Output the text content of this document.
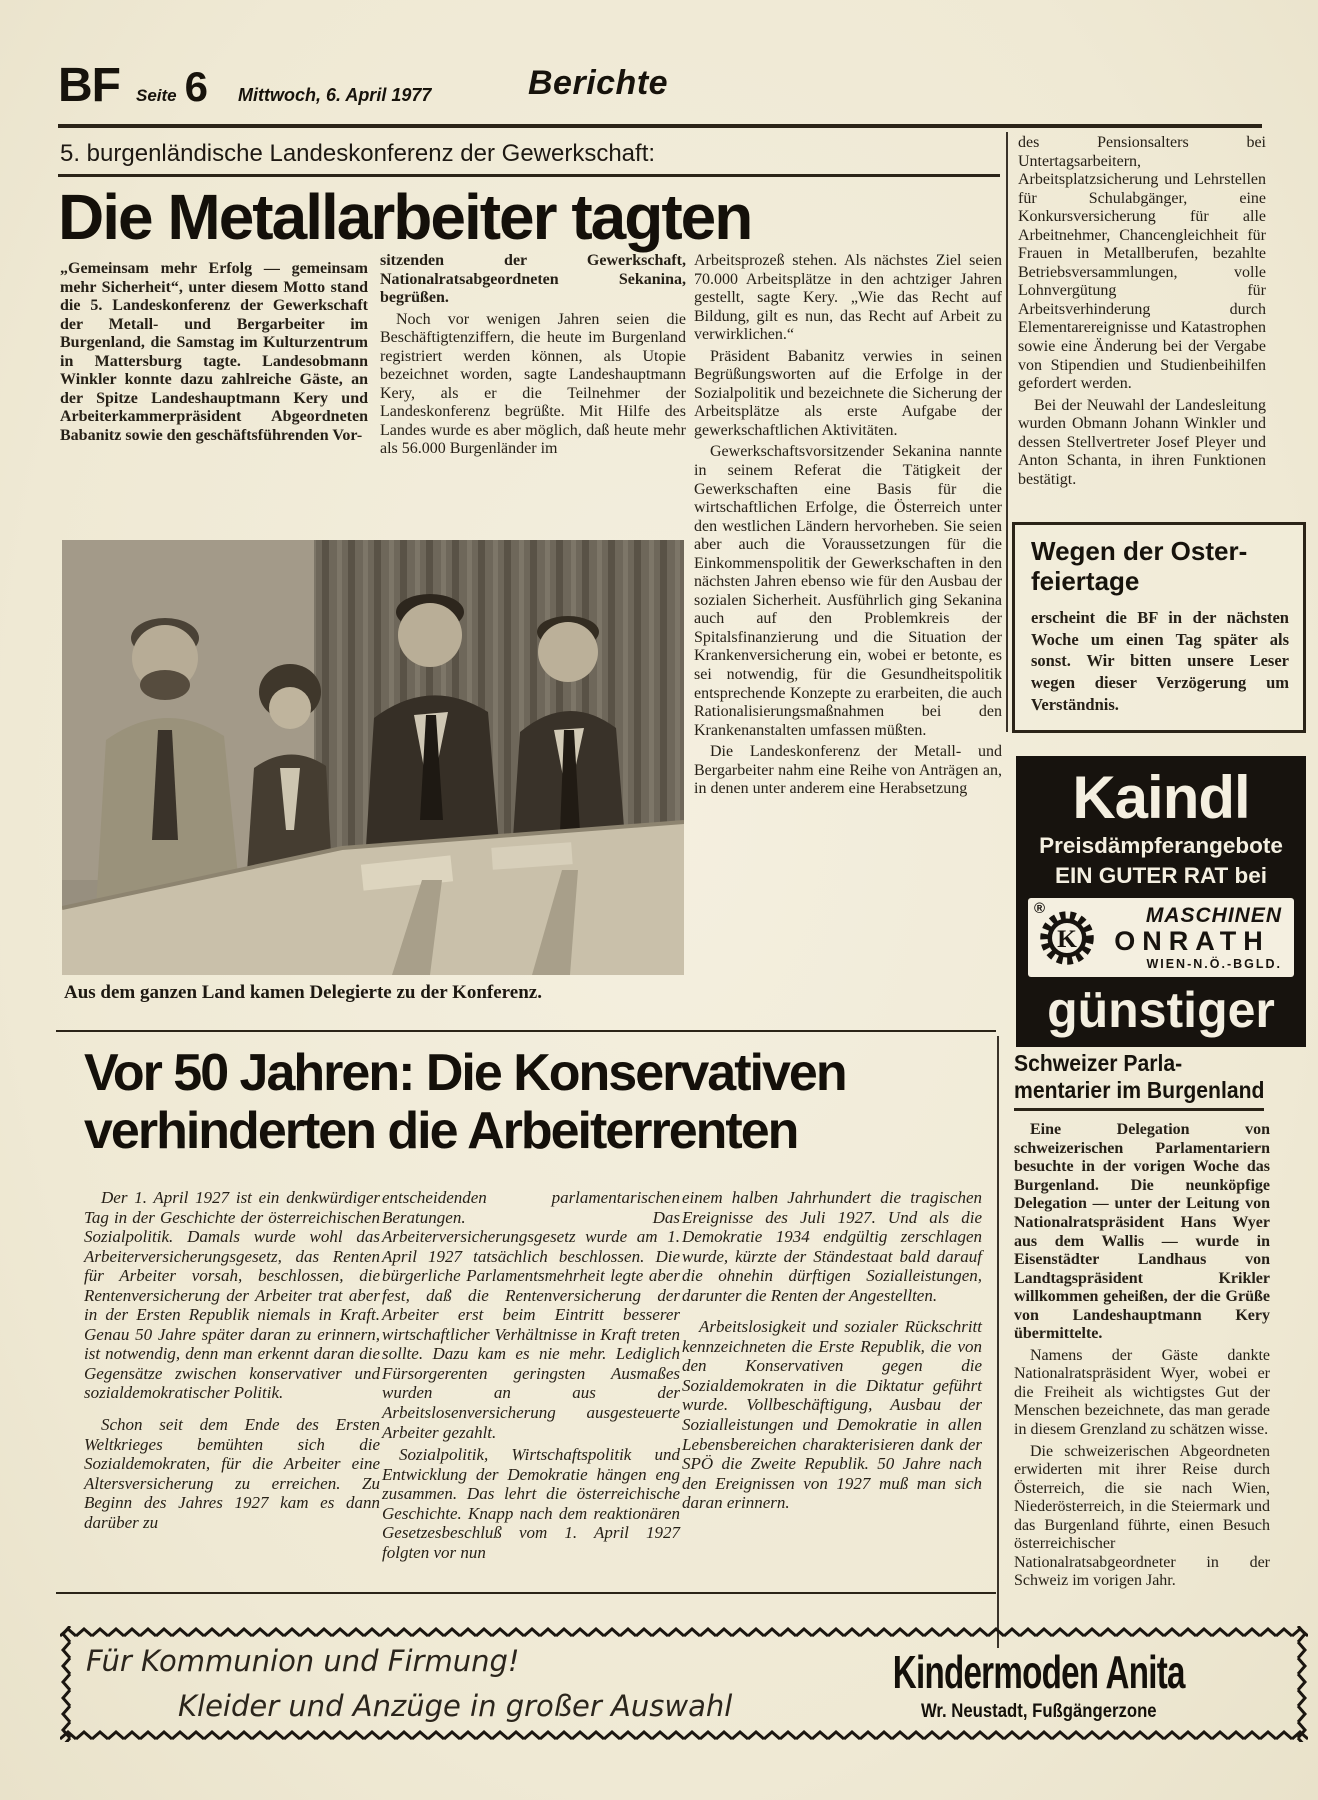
BF Seite 6 Mittwoch, 6. April 1977	Berichte
5. burgenländische Landeskonferenz der Gewerkschaft:
Die Metallarbeiter tagten

„Gemeinsam mehr Erfolg — gemeinsam mehr Sicherheit“, unter diesem Motto stand die 5. Landeskonferenz der Gewerkschaft der Metall- und Bergarbeiter im Burgenland, die Samstag im Kulturzentrum in Mattersburg tagte. Landesobmann Winkler konnte dazu zahlreiche Gäste, an der Spitze Landeshauptmann Kery und Arbeiterkammerpräsident Abgeordneten Babanitz sowie den geschäftsführenden Vor-

sitzenden der Gewerkschaft, Nationalratsabgeordneten Sekanina, begrüßen.

Noch vor wenigen Jahren seien die Beschäftigtenziffern, die heute im Burgenland registriert werden können, als Utopie bezeichnet worden, sagte Landeshauptmann Kery, als er die Teilnehmer der Landeskonferenz begrüßte. Mit Hilfe des Landes wurde es aber möglich, daß heute mehr als 56.000 Burgenländer im

Arbeitsprozeß stehen. Als nächstes Ziel seien 70.000 Arbeitsplätze in den achtziger Jahren gestellt, sagte Kery. „Wie das Recht auf Bildung, gilt es nun, das Recht auf Arbeit zu verwirklichen.“

Präsident Babanitz verwies in seinen Begrüßungsworten auf die Erfolge in der Sozialpolitik und bezeichnete die Sicherung der Arbeitsplätze als erste Aufgabe der gewerkschaftlichen Aktivitäten.

Gewerkschaftsvorsitzender Sekanina nannte in seinem Referat die Tätigkeit der Gewerkschaften eine Basis für die wirtschaftlichen Erfolge, die Österreich unter den westlichen Ländern hervorheben. Sie seien aber auch die Voraussetzungen für die Einkommenspolitik der Gewerkschaften in den nächsten Jahren ebenso wie für den Ausbau der sozialen Sicherheit. Ausführlich ging Sekanina auch auf den Problemkreis der Spitalsfinanzierung und die Situation der Krankenversicherung ein, wobei er betonte, es sei notwendig, für die Gesundheitspolitik entsprechende Konzepte zu erarbeiten, die auch Rationalisierungsmaßnahmen bei den Krankenanstalten umfassen müßten.

Die Landeskonferenz der Metall- und Bergarbeiter nahm eine Reihe von Anträgen an, in denen unter anderem eine Herabsetzung

Aus dem ganzen Land kamen Delegierte zu der Konferenz.

des Pensionsalters bei Untertagsarbeitern, Arbeitsplatzsicherung und Lehrstellen für Schulabgänger, eine Konkursversicherung für alle Arbeitnehmer, Chancengleichheit für Frauen in Metallberufen, bezahlte Betriebsversammlungen, volle Lohnvergütung für Arbeitsverhinderung durch Elementarereignisse und Katastrophen sowie eine Änderung bei der Vergabe von Stipendien und Studienbeihilfen gefordert werden.

Bei der Neuwahl der Landesleitung wurden Obmann Johann Winkler und dessen Stellvertreter Josef Pleyer und Anton Schanta, in ihren Funktionen bestätigt.

Wegen der Oster-
feiertage
erscheint die BF in der nächsten Woche um einen Tag später als sonst. Wir bitten unsere Leser wegen dieser Verzögerung um Verständnis.
Kaindl
Preisdämpferangebote
EIN GUTER RAT bei
®
K
MASCHINEN
ONRATH
WIEN-N.Ö.-BGLD.
günstiger
Vor 50 Jahren: Die Konservativen
verhinderten die Arbeiterrenten

Der 1. April 1927 ist ein denkwürdiger Tag in der Geschichte der österreichischen Sozialpolitik. Damals wurde wohl das Arbeiterversicherungsgesetz, das Renten für Arbeiter vorsah, beschlossen, die Rentenversicherung der Arbeiter trat aber in der Ersten Republik niemals in Kraft. Genau 50 Jahre später daran zu erinnern, ist notwendig, denn man erkennt daran die Gegensätze zwischen konservativer und sozialdemokratischer Politik.

Schon seit dem Ende des Ersten Weltkrieges bemühten sich die Sozialdemokraten, für die Arbeiter eine Altersversicherung zu erreichen. Zu Beginn des Jahres 1927 kam es dann darüber zu

entscheidenden parlamentarischen Beratungen. Das Arbeiterversicherungsgesetz wurde am 1. April 1927 tatsächlich beschlossen. Die bürgerliche Parlamentsmehrheit legte aber fest, daß die Rentenversicherung der Arbeiter erst beim Eintritt besserer wirtschaftlicher Verhältnisse in Kraft treten sollte. Dazu kam es nie mehr. Lediglich Fürsorgerenten geringsten Ausmaßes wurden an aus der Arbeitslosenversicherung ausgesteuerte Arbeiter gezahlt.

Sozialpolitik, Wirtschaftspolitik und Entwicklung der Demokratie hängen eng zusammen. Das lehrt die österreichische Geschichte. Knapp nach dem reaktionären Gesetzesbeschluß vom 1. April 1927 folgten vor nun

einem halben Jahrhundert die tragischen Ereignisse des Juli 1927. Und als die Demokratie 1934 endgültig zerschlagen wurde, kürzte der Ständestaat bald darauf die ohnehin dürftigen Sozialleistungen, darunter die Renten der Angestellten.

Arbeitslosigkeit und sozialer Rückschritt kennzeichneten die Erste Republik, die von den Konservativen gegen die Sozialdemokraten in die Diktatur geführt wurde. Vollbeschäftigung, Ausbau der Sozialleistungen und Demokratie in allen Lebensbereichen charakterisieren dank der SPÖ die Zweite Republik. 50 Jahre nach den Ereignissen von 1927 muß man sich daran erinnern.

Schweizer Parla-
mentarier im Burgenland

Eine Delegation von schweizerischen Parlamentariern besuchte in der vorigen Woche das Burgenland. Die neunköpfige Delegation — unter der Leitung von Nationalratspräsident Hans Wyer aus dem Wallis — wurde in Eisenstädter Landhaus von Landtagspräsident Krikler willkommen geheißen, der die Grüße von Landeshauptmann Kery übermittelte.

Namens der Gäste dankte Nationalratspräsident Wyer, wobei er die Freiheit als wichtigstes Gut der Menschen bezeichnete, das man gerade in diesem Grenzland zu schätzen wisse.

Die schweizerischen Abgeordneten erwiderten mit ihrer Reise durch Österreich, die sie nach Wien, Niederösterreich, in die Steiermark und das Burgenland führte, einen Besuch österreichischer Nationalratsabgeordneter in der Schweiz im vorigen Jahr.

Für Kommunion und Firmung!
Kleider und Anzüge in großer Auswahl
Kindermoden Anita
Wr. Neustadt, Fußgängerzone
